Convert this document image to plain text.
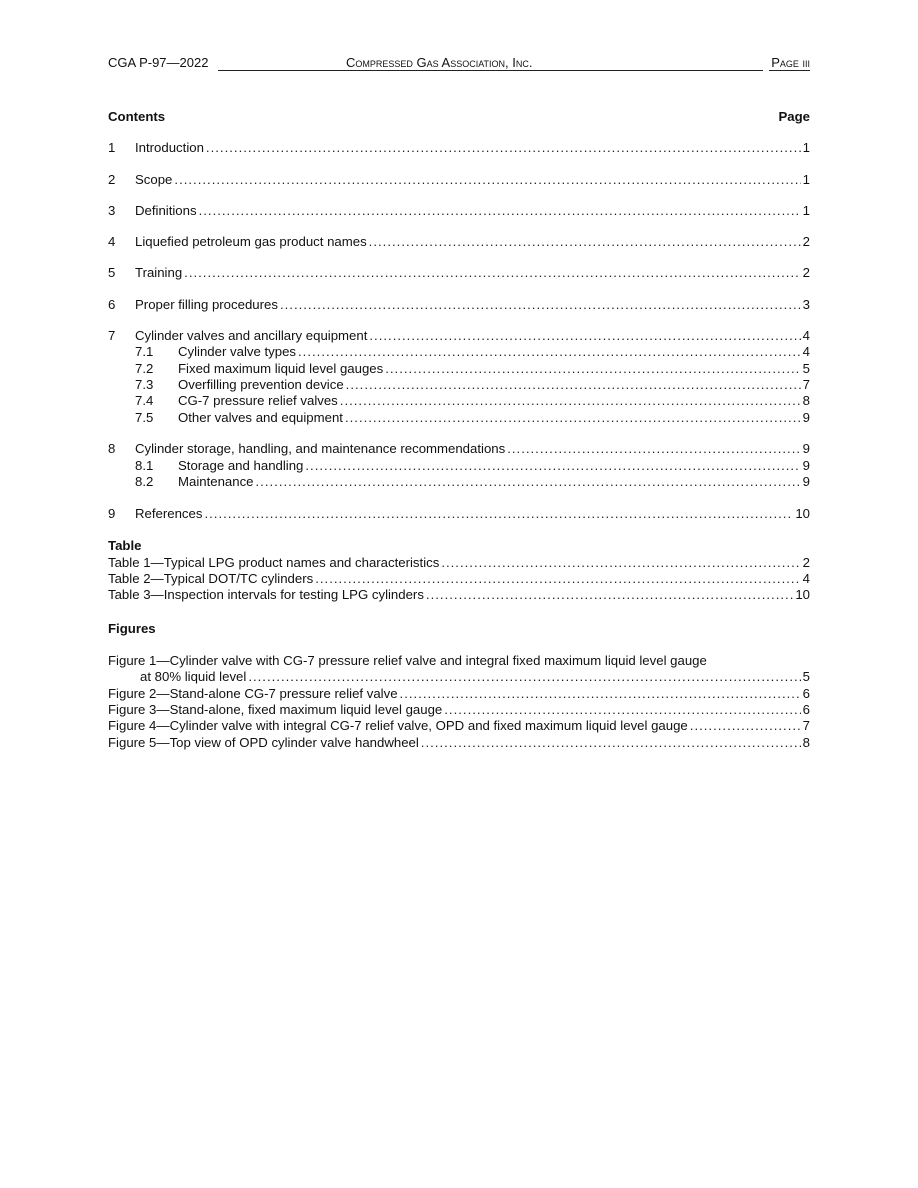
CGA P-97—2022	Compressed Gas Association, Inc.	Page iii
Contents	Page
1	Introduction .....	1
2	Scope .....	1
3	Definitions .....	1
4	Liquefied petroleum gas product names .....	2
5	Training .....	2
6	Proper filling procedures .....	3
7	Cylinder valves and ancillary equipment .....	4
7.1	Cylinder valve types .....	4
7.2	Fixed maximum liquid level gauges .....	5
7.3	Overfilling prevention device .....	7
7.4	CG-7 pressure relief valves .....	8
7.5	Other valves and equipment .....	9
8	Cylinder storage, handling, and maintenance recommendations .....	9
8.1	Storage and handling .....	9
8.2	Maintenance .....	9
9	References .....	10
Table
Table 1—Typical LPG product names and characteristics .....	2
Table 2—Typical DOT/TC cylinders .....	4
Table 3—Inspection intervals for testing LPG cylinders .....	10
Figures
Figure 1—Cylinder valve with CG-7 pressure relief valve and integral fixed maximum liquid level gauge
at 80% liquid level .....	5
Figure 2—Stand-alone CG-7 pressure relief valve .....	6
Figure 3—Stand-alone, fixed maximum liquid level gauge .....	6
Figure 4—Cylinder valve with integral CG-7 relief valve, OPD and fixed maximum liquid level gauge .....	7
Figure 5—Top view of OPD cylinder valve handwheel .....	8
